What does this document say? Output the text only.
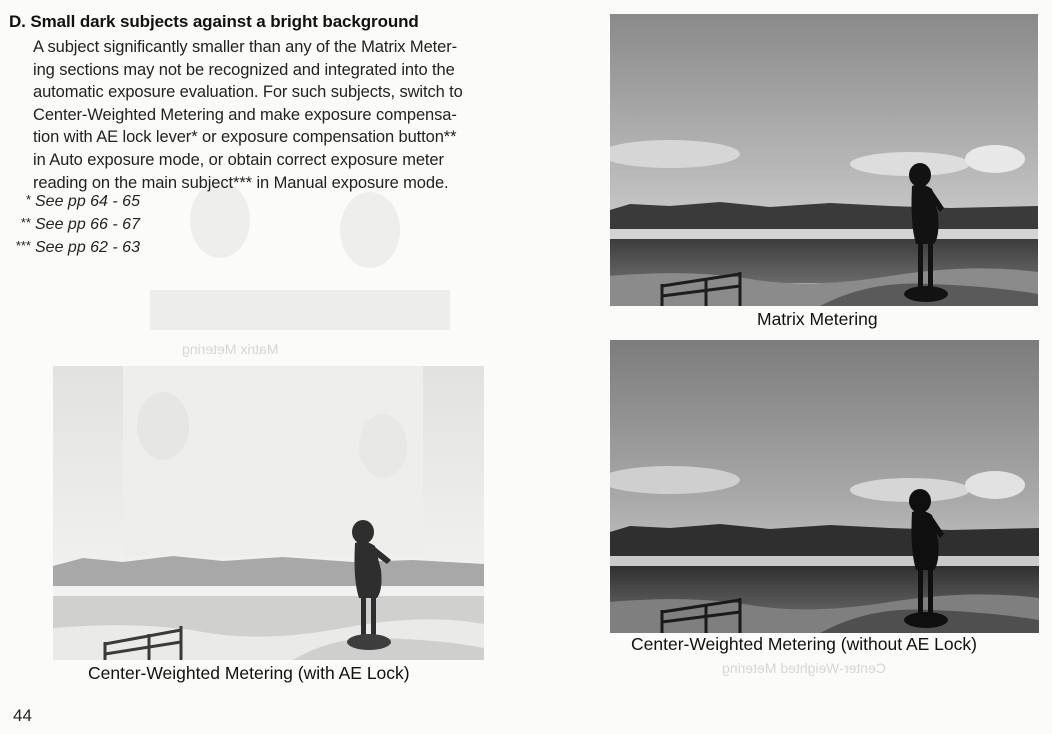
Matrix Metering
Center-Weighted Metering
D. Small dark subjects against a bright background

A subject significantly smaller than any of the Matrix Meter-

ing sections may not be recognized and integrated into the

automatic exposure evaluation. For such subjects, switch to

Center-Weighted Metering and make exposure compensa-

tion with AE lock lever* or exposure compensation button**

in Auto exposure mode, or obtain correct exposure meter

reading on the main subject*** in Manual exposure mode.

* See pp 64 - 65
** See pp 66 - 67
*** See pp 62 - 63
Matrix Metering
Center-Weighted Metering (without AE Lock)
Center-Weighted Metering (with AE Lock)
44
